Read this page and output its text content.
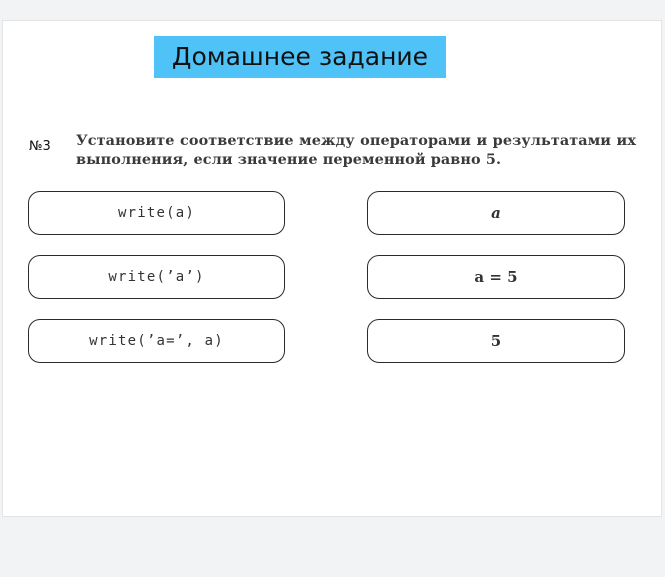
Домашнее задание
№3 Установите соответствие между операторами и результатами их выполнения, если значение переменной равно 5.
write(a)
write(’a’)
write(’a=’, a)
a
a = 5
5
